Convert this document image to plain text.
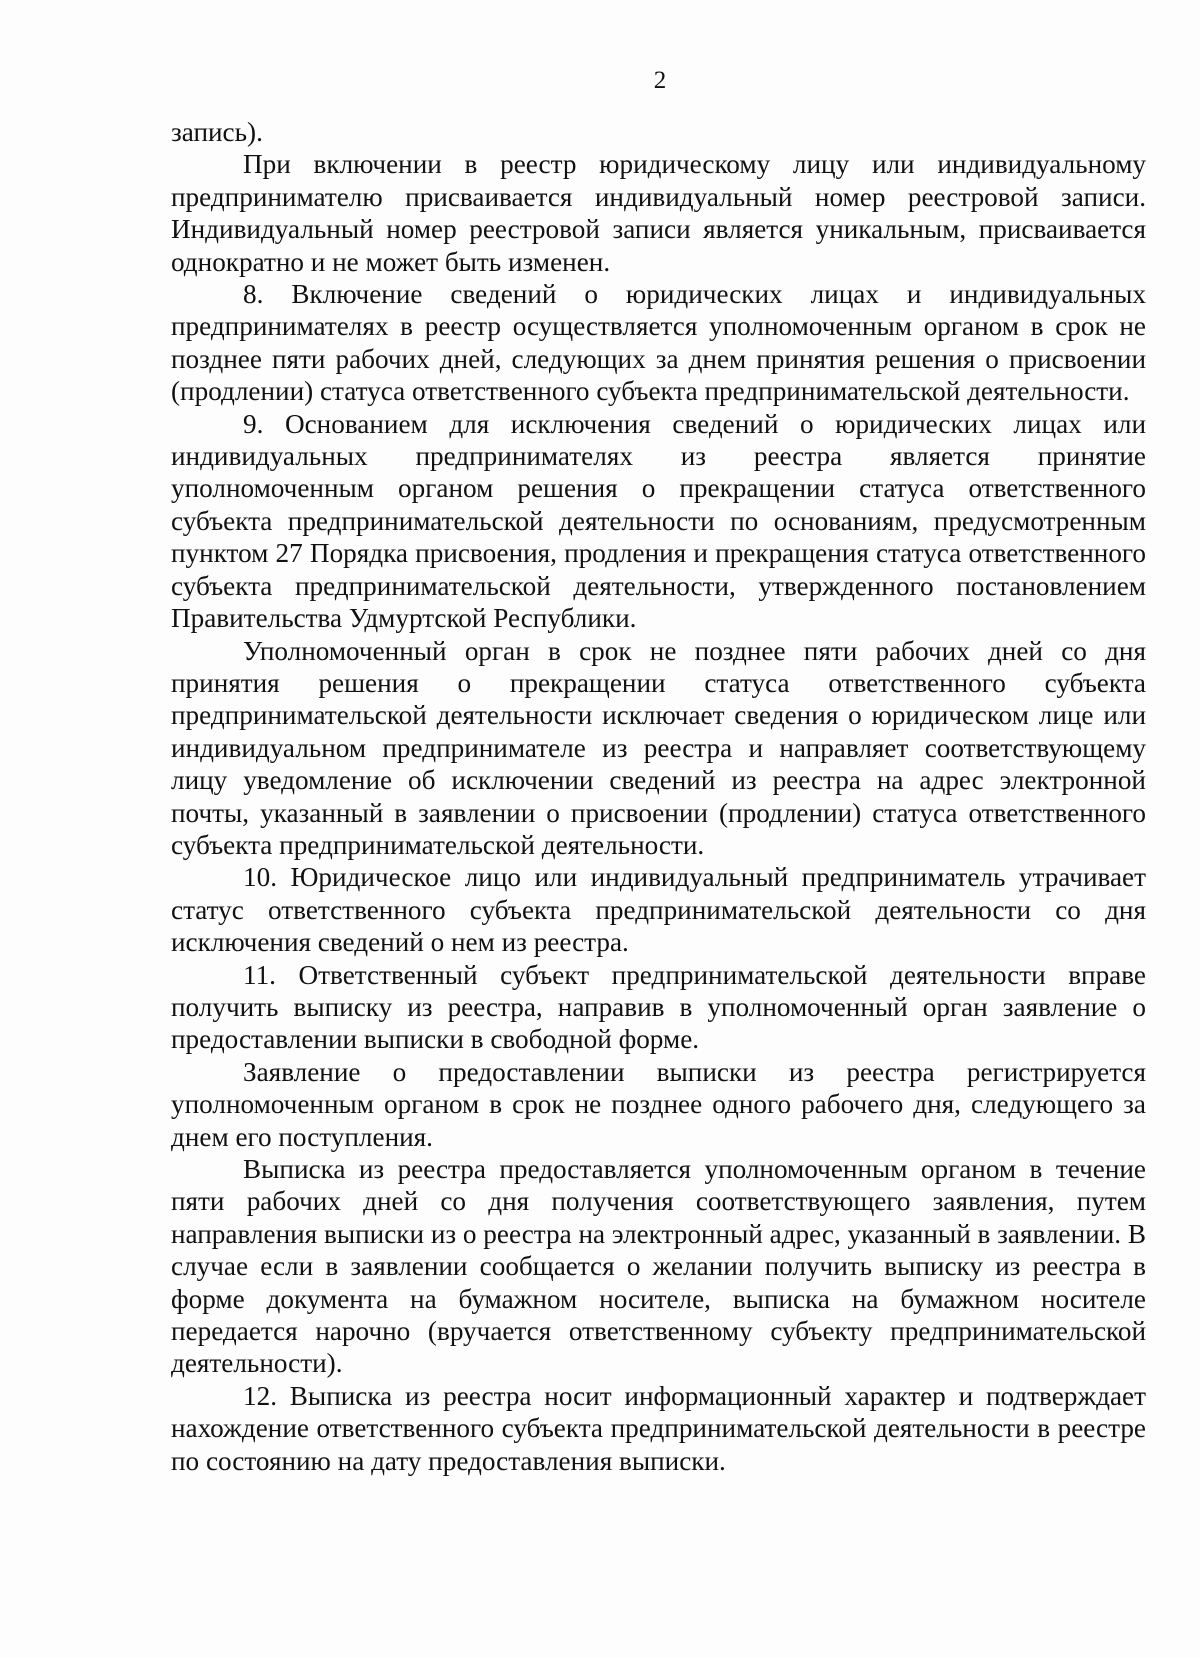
2

запись).

При включении в реестр юридическому лицу или индивидуальному предпринимателю присваивается индивидуальный номер реестровой записи. Индивидуальный номер реестровой записи является уникальным, присваивается однократно и не может быть изменен.

8. Включение сведений о юридических лицах и индивидуальных предпринимателях в реестр осуществляется уполномоченным органом в срок не позднее пяти рабочих дней, следующих за днем принятия решения о присвоении (продлении) статуса ответственного субъекта предпринимательской деятельности.

9. Основанием для исключения сведений о юридических лицах или индивидуальных предпринимателях из реестра является принятие уполномоченным органом решения о прекращении статуса ответственного субъекта предпринимательской деятельности по основаниям, предусмотренным пунктом 27 Порядка присвоения, продления и прекращения статуса ответственного субъекта предпринимательской деятельности, утвержденного постановлением Правительства Удмуртской Республики.

Уполномоченный орган в срок не позднее пяти рабочих дней со дня принятия решения о прекращении статуса ответственного субъекта предпринимательской деятельности исключает сведения о юридическом лице или индивидуальном предпринимателе из реестра и направляет соответствующему лицу уведомление об исключении сведений из реестра на адрес электронной почты, указанный в заявлении о присвоении (продлении) статуса ответственного субъекта предпринимательской деятельности.

10. Юридическое лицо или индивидуальный предприниматель утрачивает статус ответственного субъекта предпринимательской деятельности со дня исключения сведений о нем из реестра.

11. Ответственный субъект предпринимательской деятельности вправе получить выписку из реестра, направив в уполномоченный орган заявление о предоставлении выписки в свободной форме.

Заявление о предоставлении выписки из реестра регистрируется уполномоченным органом в срок не позднее одного рабочего дня, следующего за днем его поступления.

Выписка из реестра предоставляется уполномоченным органом в течение пяти рабочих дней со дня получения соответствующего заявления, путем направления выписки из о реестра на электронный адрес, указанный в заявлении. В случае если в заявлении сообщается о желании получить выписку из реестра в форме документа на бумажном носителе, выписка на бумажном носителе передается нарочно (вручается ответственному субъекту предпринимательской деятельности).

12. Выписка из реестра носит информационный характер и подтверждает нахождение ответственного субъекта предпринимательской деятельности в реестре по состоянию на дату предоставления выписки.
